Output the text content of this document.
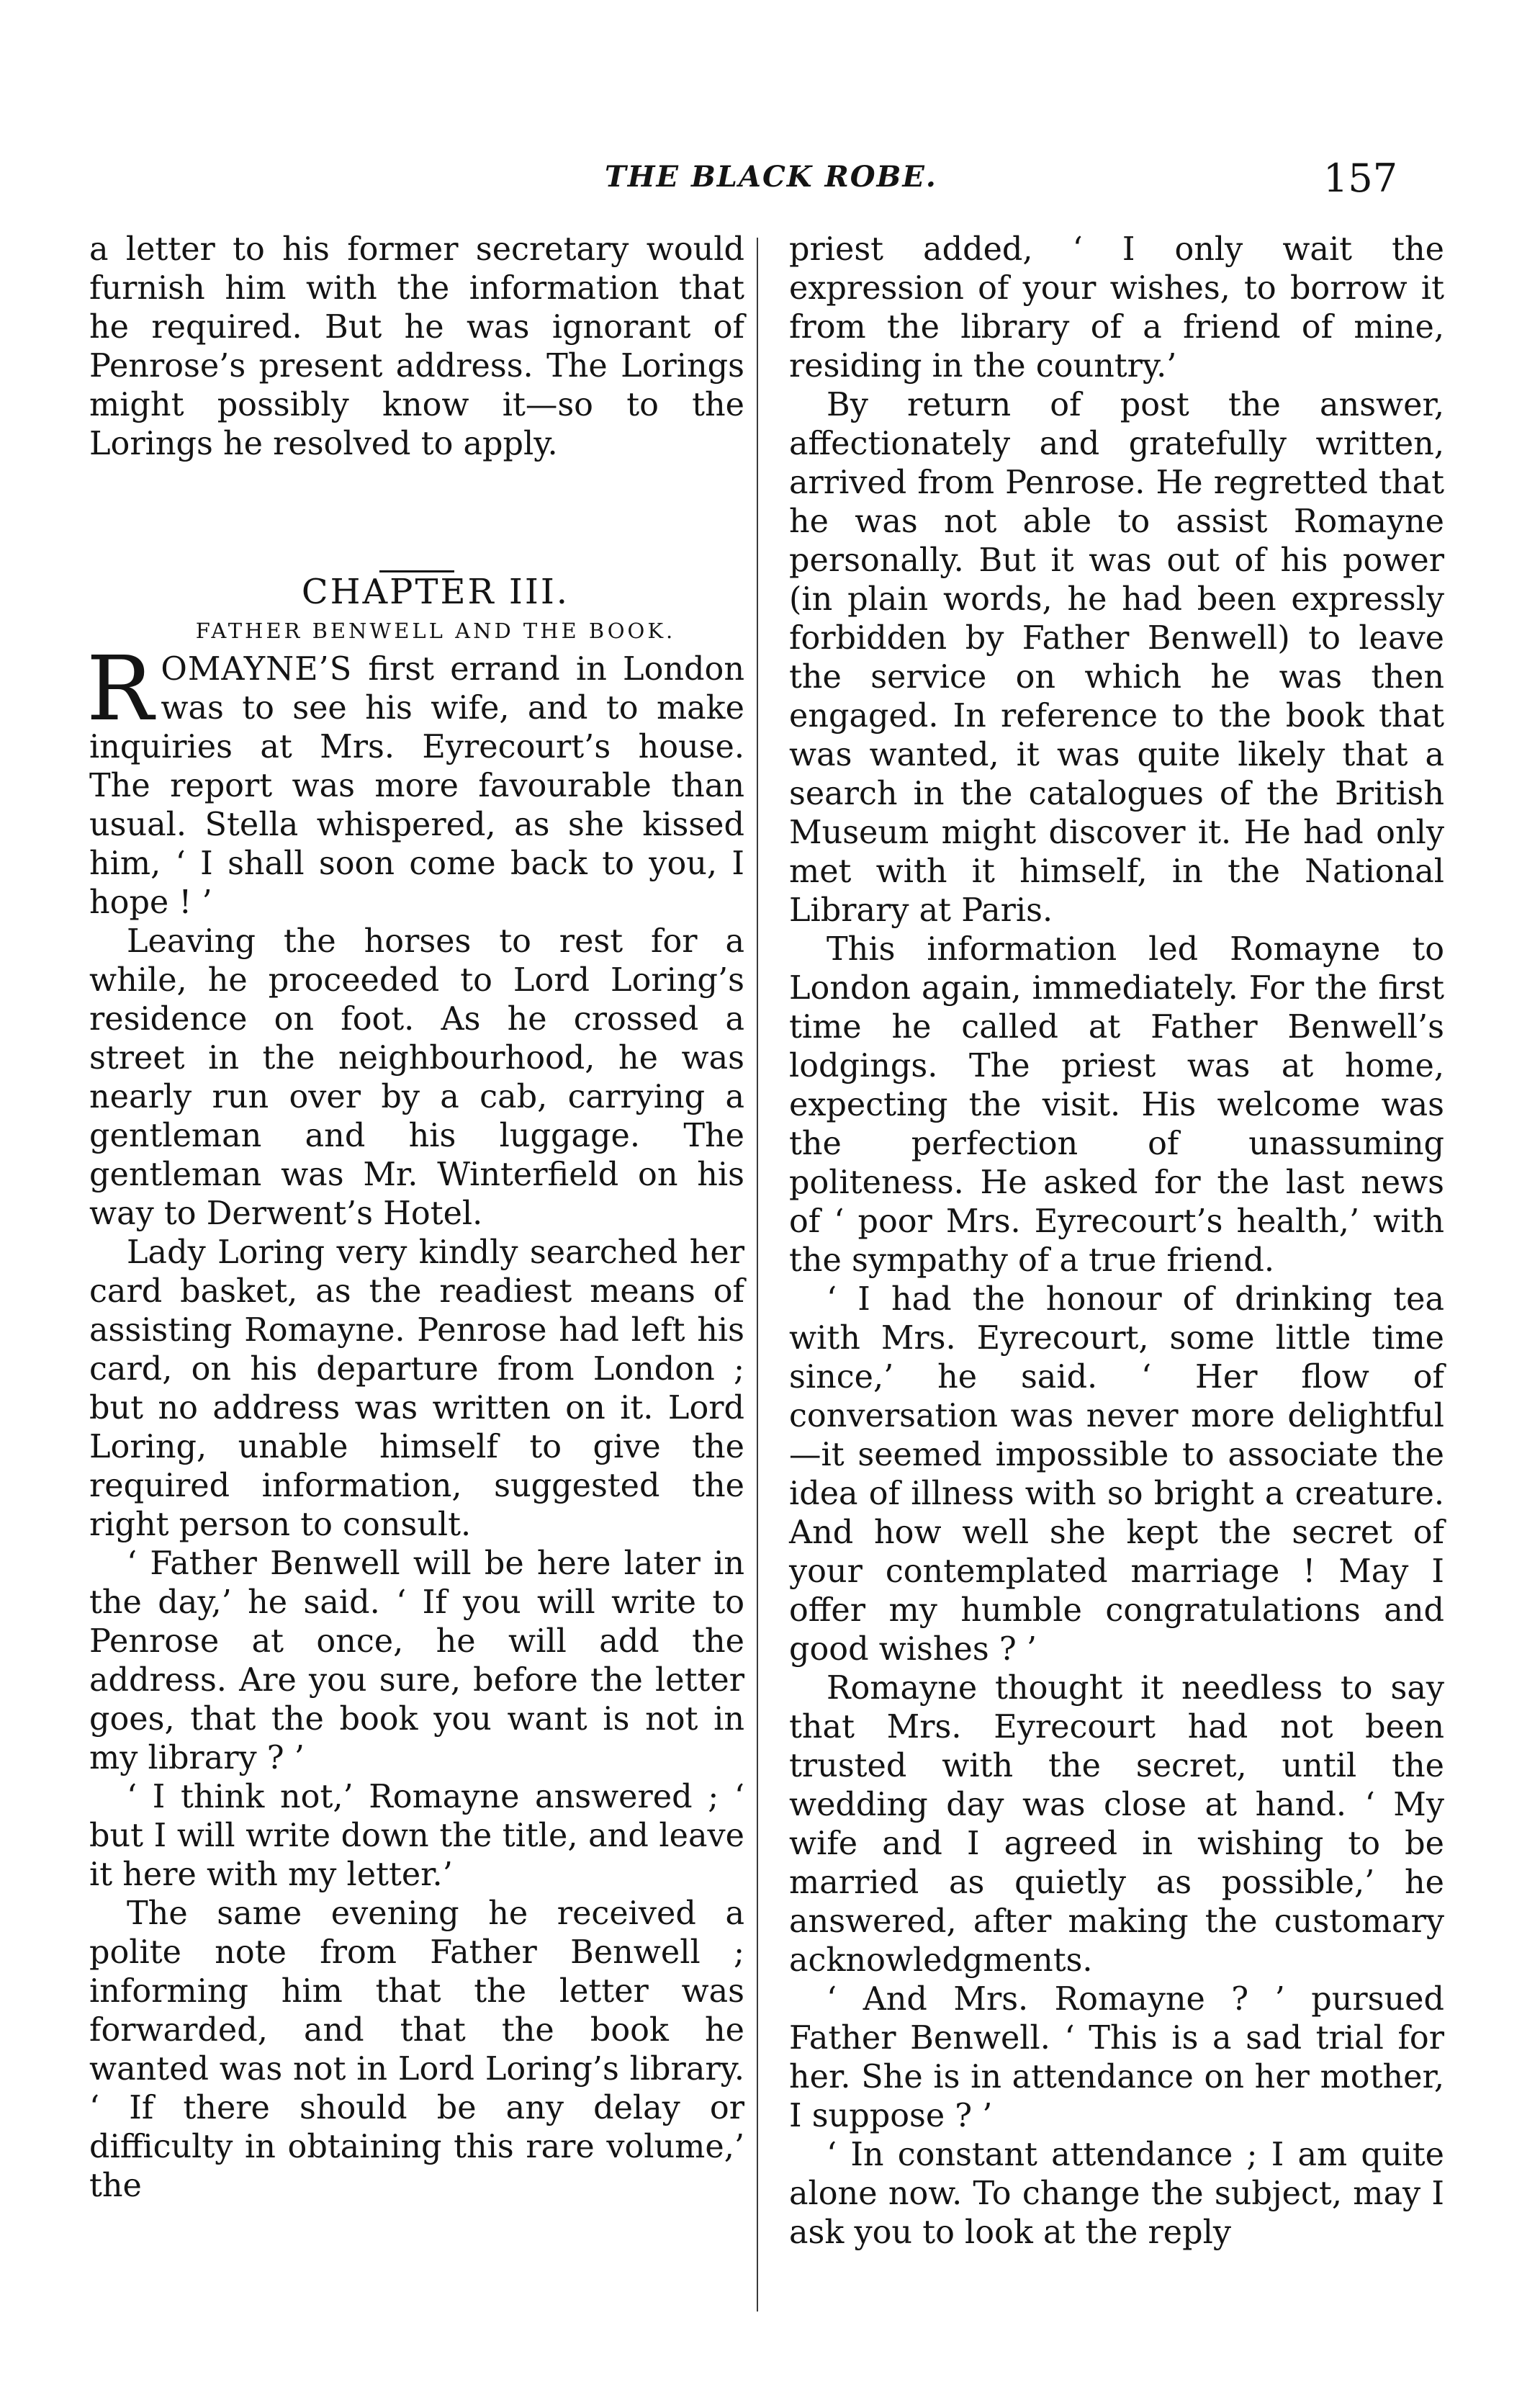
THE BLACK ROBE.	157

a letter to his former secretary would furnish him with the information that he required. But he was ignorant of Penrose’s present address. The Lorings might possibly know it—so to the Lorings he resolved to apply.

CHAPTER III.

FATHER BENWELL AND THE BOOK.

ROMAYNE’S first errand in London was to see his wife, and to make inquiries at Mrs. Eyrecourt’s house. The report was more favourable than usual. Stella whispered, as she kissed him, ‘ I shall soon come back to you, I hope ! ’

Leaving the horses to rest for a while, he proceeded to Lord Loring’s residence on foot. As he crossed a street in the neighbourhood, he was nearly run over by a cab, carrying a gentleman and his luggage. The gentleman was Mr. Winterfield on his way to Derwent’s Hotel.

Lady Loring very kindly searched her card basket, as the readiest means of assisting Romayne. Penrose had left his card, on his departure from London ; but no address was written on it. Lord Loring, unable himself to give the required information, suggested the right person to consult.

‘ Father Benwell will be here later in the day,’ he said. ‘ If you will write to Penrose at once, he will add the address. Are you sure, before the letter goes, that the book you want is not in my library ? ’

‘ I think not,’ Romayne answered ; ‘ but I will write down the title, and leave it here with my letter.’

The same evening he received a polite note from Father Benwell ; informing him that the letter was forwarded, and that the book he wanted was not in Lord Loring’s library. ‘ If there should be any delay or difficulty in obtaining this rare volume,’ the

priest added, ‘ I only wait the expression of your wishes, to borrow it from the library of a friend of mine, residing in the country.’

By return of post the answer, affectionately and gratefully written, arrived from Penrose. He regretted that he was not able to assist Romayne personally. But it was out of his power (in plain words, he had been expressly forbidden by Father Benwell) to leave the service on which he was then engaged. In reference to the book that was wanted, it was quite likely that a search in the catalogues of the British Museum might discover it. He had only met with it himself, in the National Library at Paris.

This information led Romayne to London again, immediately. For the first time he called at Father Benwell’s lodgings. The priest was at home, expecting the visit. His welcome was the perfection of unassuming politeness. He asked for the last news of ‘ poor Mrs. Eyrecourt’s health,’ with the sympathy of a true friend.

‘ I had the honour of drinking tea with Mrs. Eyrecourt, some little time since,’ he said. ‘ Her flow of conversation was never more delightful—it seemed impossible to associate the idea of illness with so bright a creature. And how well she kept the secret of your contemplated marriage ! May I offer my humble congratulations and good wishes ? ’

Romayne thought it needless to say that Mrs. Eyrecourt had not been trusted with the secret, until the wedding day was close at hand. ‘ My wife and I agreed in wishing to be married as quietly as possible,’ he answered, after making the customary acknowledgments.

‘ And Mrs. Romayne ? ’ pursued Father Benwell. ‘ This is a sad trial for her. She is in attendance on her mother, I suppose ? ’

‘ In constant attendance ; I am quite alone now. To change the subject, may I ask you to look at the reply
